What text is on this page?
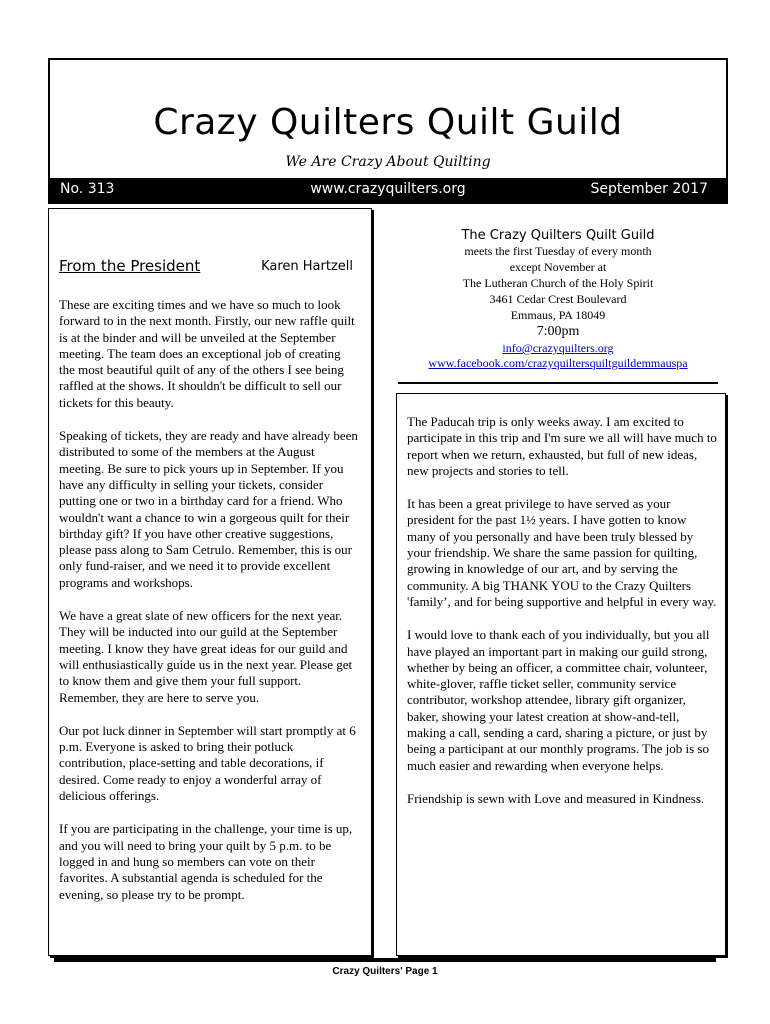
Crazy Quilters Quilt Guild
We Are Crazy About Quilting
No. 313	www.crazyquilters.org	September 2017
From the President	Karen Hartzell

These are exciting times and we have so much to look forward to in the next month. Firstly, our new raffle quilt is at the binder and will be unveiled at the September meeting. The team does an exceptional job of creating the most beautiful quilt of any of the others I see being raffled at the shows. It shouldn't be difficult to sell our tickets for this beauty.

Speaking of tickets, they are ready and have already been distributed to some of the members at the August meeting. Be sure to pick yours up in September. If you have any difficulty in selling your tickets, consider putting one or two in a birthday card for a friend. Who wouldn't want a chance to win a gorgeous quilt for their birthday gift? If you have other creative suggestions, please pass along to Sam Cetrulo. Remember, this is our only fund-raiser, and we need it to provide excellent programs and workshops.

We have a great slate of new officers for the next year. They will be inducted into our guild at the September meeting. I know they have great ideas for our guild and will enthusiastically guide us in the next year. Please get to know them and give them your full support. Remember, they are here to serve you.

Our pot luck dinner in September will start promptly at 6 p.m. Everyone is asked to bring their potluck contribution, place-setting and table decorations, if desired. Come ready to enjoy a wonderful array of delicious offerings.

If you are participating in the challenge, your time is up, and you will need to bring your quilt by 5 p.m. to be logged in and hung so members can vote on their favorites. A substantial agenda is scheduled for the evening, so please try to be prompt.

The Crazy Quilters Quilt Guild
meets the first Tuesday of every month
except November at
The Lutheran Church of the Holy Spirit
3461 Cedar Crest Boulevard
Emmaus, PA 18049
7:00pm
info@crazyquilters.org
www.facebook.com/crazyquiltersquiltguildemmauspa

The Paducah trip is only weeks away. I am excited to participate in this trip and I'm sure we all will have much to report when we return, exhausted, but full of new ideas, new projects and stories to tell.

It has been a great privilege to have served as your president for the past 1½ years. I have gotten to know many of you personally and have been truly blessed by your friendship. We share the same passion for quilting, growing in knowledge of our art, and by serving the community. A big THANK YOU to the Crazy Quilters 'family’, and for being supportive and helpful in every way.

I would love to thank each of you individually, but you all have played an important part in making our guild strong, whether by being an officer, a committee chair, volunteer, white-glover, raffle ticket seller, community service contributor, workshop attendee, library gift organizer, baker, showing your latest creation at show-and-tell, making a call, sending a card, sharing a picture, or just by being a participant at our monthly programs. The job is so much easier and rewarding when everyone helps.

Friendship is sewn with Love and measured in Kindness.

Crazy Quilters' Page 1
